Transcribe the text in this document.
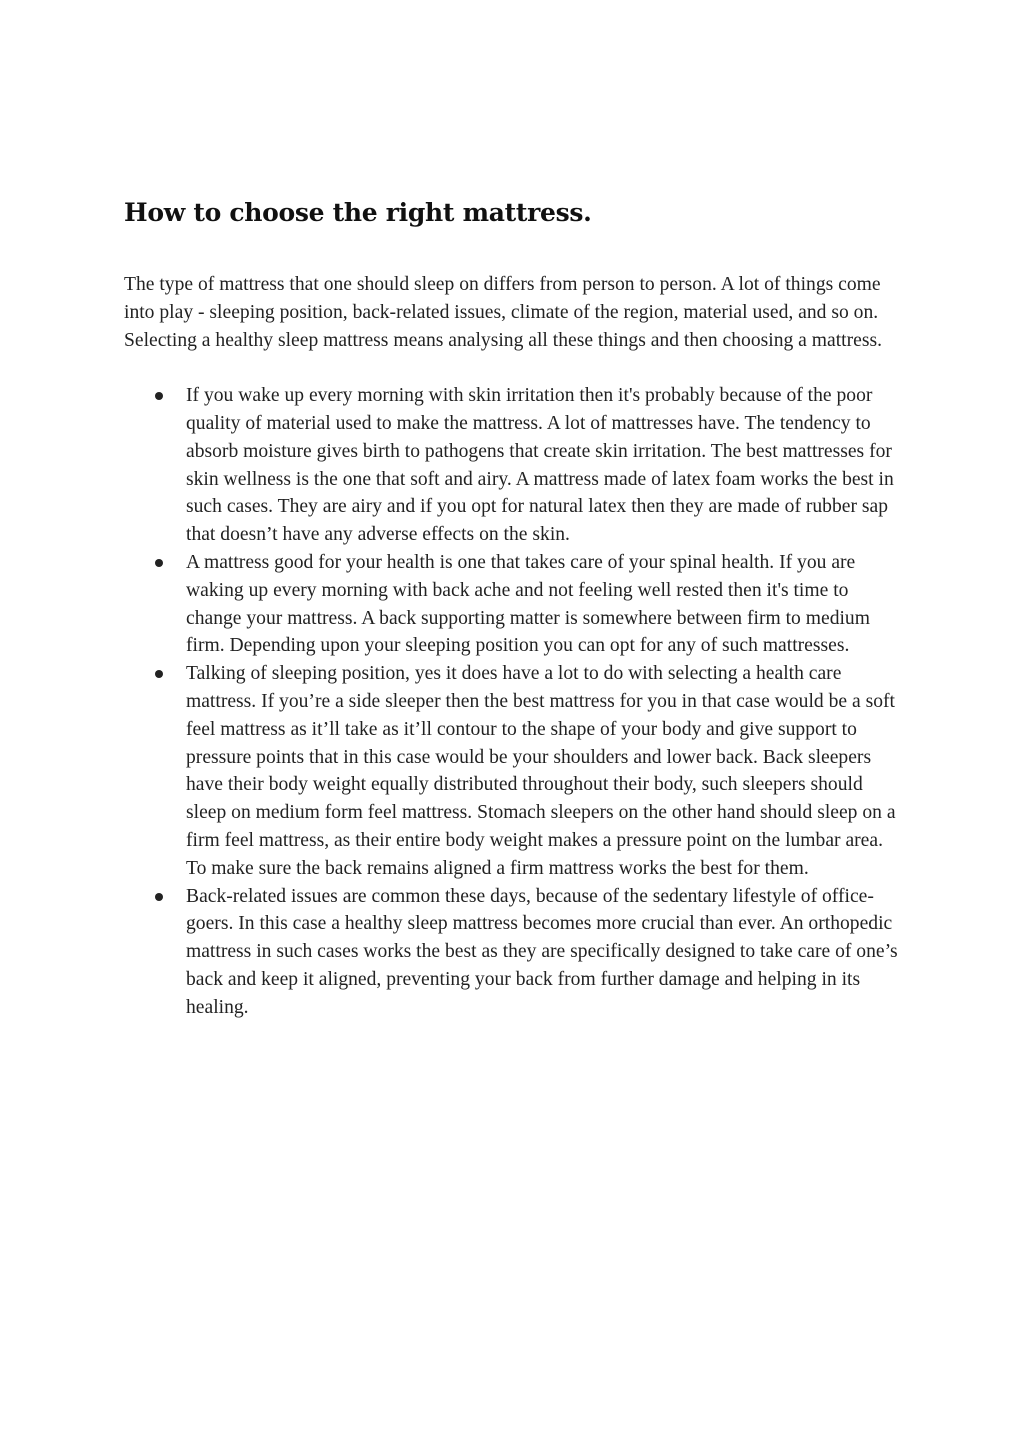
How to choose the right mattress.

The type of mattress that one should sleep on differs from person to person. A lot of things come into play - sleeping position, back-related issues, climate of the region, material used, and so on. Selecting a healthy sleep mattress means analysing all these things and then choosing a mattress.

If you wake up every morning with skin irritation then it's probably because of the poor quality of material used to make the mattress. A lot of mattresses have. The tendency to absorb moisture gives birth to pathogens that create skin irritation. The best mattresses for skin wellness is the one that soft and airy. A mattress made of latex foam works the best in such cases. They are airy and if you opt for natural latex then they are made of rubber sap that doesn’t have any adverse effects on the skin.
A mattress good for your health is one that takes care of your spinal health. If you are waking up every morning with back ache and not feeling well rested then it's time to change your mattress. A back supporting matter is somewhere between firm to medium firm. Depending upon your sleeping position you can opt for any of such mattresses.
Talking of sleeping position, yes it does have a lot to do with selecting a health care mattress. If you’re a side sleeper then the best mattress for you in that case would be a soft feel mattress as it’ll take as it’ll contour to the shape of your body and give support to pressure points that in this case would be your shoulders and lower back. Back sleepers have their body weight equally distributed throughout their body, such sleepers should sleep on medium form feel mattress. Stomach sleepers on the other hand should sleep on a firm feel mattress, as their entire body weight makes a pressure point on the lumbar area. To make sure the back remains aligned a firm mattress works the best for them.
Back-related issues are common these days, because of the sedentary lifestyle of office-goers. In this case a healthy sleep mattress becomes more crucial than ever. An orthopedic mattress in such cases works the best as they are specifically designed to take care of one’s back and keep it aligned, preventing your back from further damage and helping in its healing.
